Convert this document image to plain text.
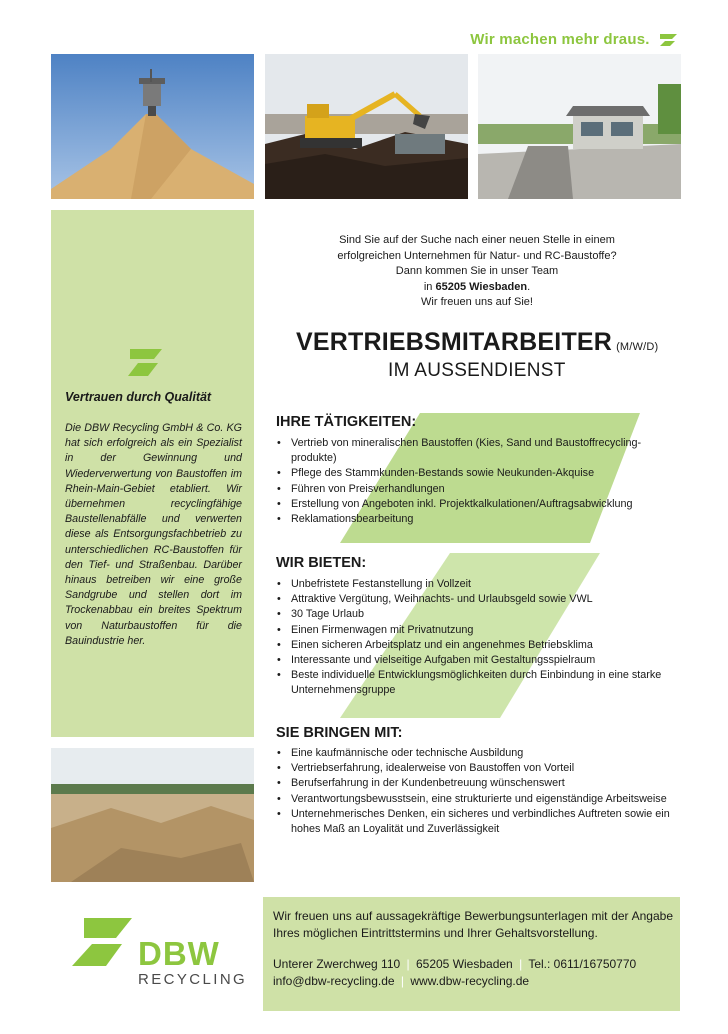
Wir machen mehr draus.
Vertrauen durch Qualität
Die DBW Recycling GmbH & Co. KG hat sich erfolgreich als ein Spezialist in der Gewinnung und Wiederverwertung von Baustoffen im Rhein-Main-Gebiet etabliert. Wir übernehmen recyclingfähige Baustellenabfälle und verwerten diese als Entsorgungsfachbetrieb zu unterschiedlichen RC-Baustoffen für den Tief- und Straßenbau. Darüber hinaus betreiben wir eine große Sandgrube und stellen dort im Trockenabbau ein breites Spektrum von Naturbaustoffen für die Bauindustrie her.
Sind Sie auf der Suche nach einer neuen Stelle in einem
erfolgreichen Unternehmen für Natur- und RC-Baustoffe?
Dann kommen Sie in unser Team
in 65205 Wiesbaden.
Wir freuen uns auf Sie!
VERTRIEBSMITARBEITER (M/W/D)
IM AUSSENDIENST
IHRE TÄTIGKEITEN:
• Vertrieb von mineralischen Baustoffen (Kies, Sand und Baustoffrecycling-produkte)
• Pflege des Stammkunden-Bestands sowie Neukunden-Akquise
• Führen von Preisverhandlungen
• Erstellung von Angeboten inkl. Projektkalkulationen/Auftragsabwicklung
• Reklamationsbearbeitung
WIR BIETEN:
• Unbefristete Festanstellung in Vollzeit
• Attraktive Vergütung, Weihnachts- und Urlaubsgeld sowie VWL
• 30 Tage Urlaub
• Einen Firmenwagen mit Privatnutzung
• Einen sicheren Arbeitsplatz und ein angenehmes Betriebsklima
• Interessante und vielseitige Aufgaben mit Gestaltungsspielraum
• Beste individuelle Entwicklungsmöglichkeiten durch Einbindung in eine starke Unternehmensgruppe
SIE BRINGEN MIT:
• Eine kaufmännische oder technische Ausbildung
• Vertriebserfahrung, idealerweise von Baustoffen von Vorteil
• Berufserfahrung in der Kundenbetreuung wünschenswert
• Verantwortungsbewusstsein, eine strukturierte und eigenständige Arbeitsweise
• Unternehmerisches Denken, ein sicheres und verbindliches Auftreten sowie ein hohes Maß an Loyalität und Zuverlässigkeit
DBW
RECYCLING
Wir freuen uns auf aussagekräftige Bewerbungsunterlagen mit der Angabe Ihres möglichen Eintrittstermins und Ihrer Gehaltsvorstellung.
Unterer Zwerchweg 110 | 65205 Wiesbaden | Tel.: 0611/16750770
info@dbw-recycling.de | www.dbw-recycling.de
